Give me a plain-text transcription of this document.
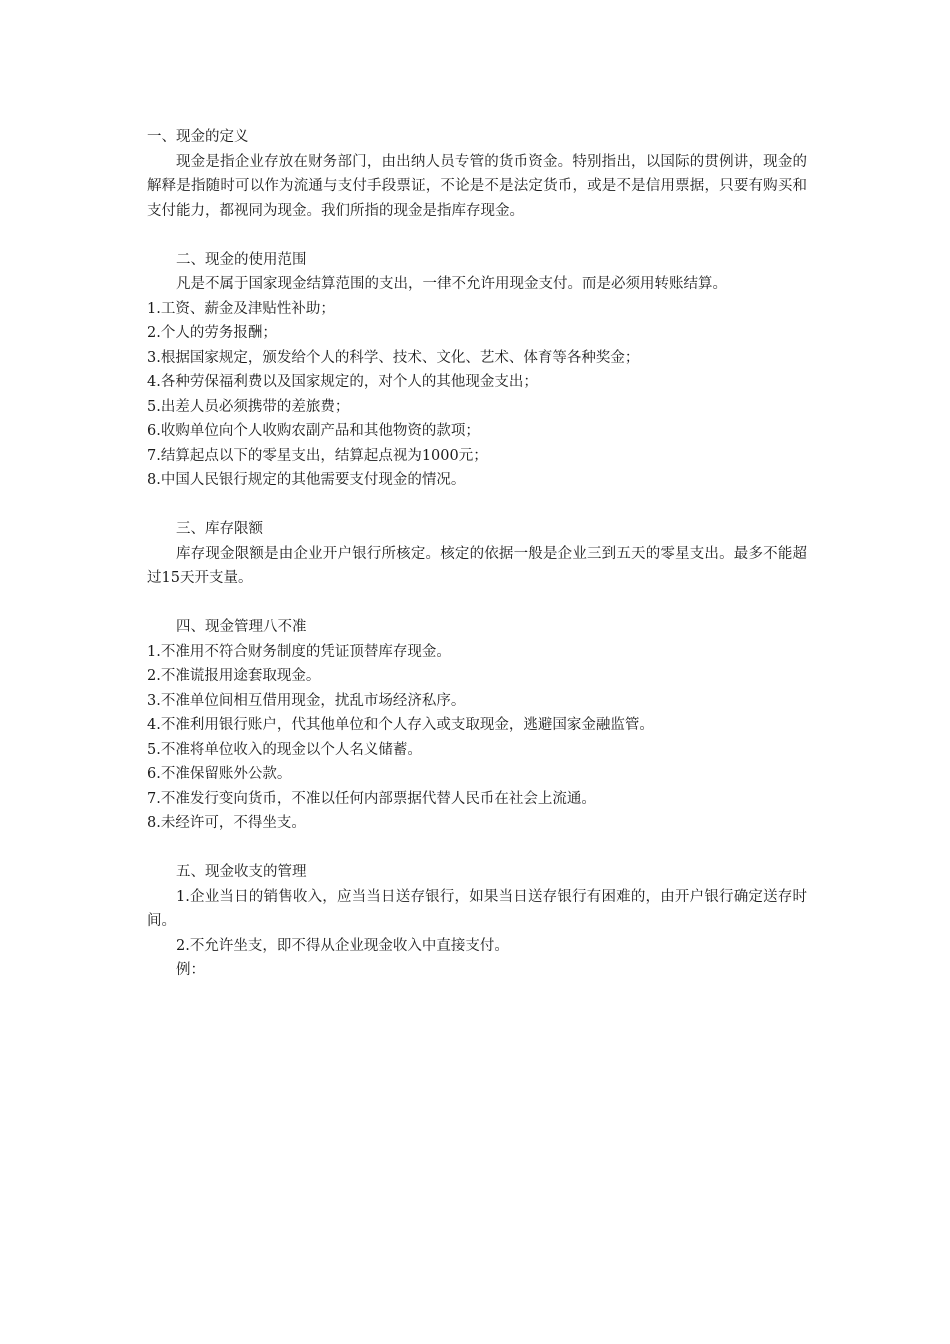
一、现金的定义
现金是指企业存放在财务部门，由出纳人员专管的货币资金。特别指出，以国际的贯例讲，现金的解释是指随时可以作为流通与支付手段票证，不论是不是法定货币，或是不是信用票据，只要有购买和支付能力，都视同为现金。我们所指的现金是指库存现金。
二、现金的使用范围
凡是不属于国家现金结算范围的支出，一律不允许用现金支付。而是必须用转账结算。
1.工资、薪金及津贴性补助；
2.个人的劳务报酬；
3.根据国家规定，颁发给个人的科学、技术、文化、艺术、体育等各种奖金；
4.各种劳保福利费以及国家规定的，对个人的其他现金支出；
5.出差人员必须携带的差旅费；
6.收购单位向个人收购农副产品和其他物资的款项；
7.结算起点以下的零星支出，结算起点视为1000元；
8.中国人民银行规定的其他需要支付现金的情况。
三、库存限额
库存现金限额是由企业开户银行所核定。核定的依据一般是企业三到五天的零星支出。最多不能超过15天开支量。
四、现金管理八不准
1.不准用不符合财务制度的凭证顶替库存现金。
2.不准谎报用途套取现金。
3.不准单位间相互借用现金，扰乱市场经济私序。
4.不准利用银行账户，代其他单位和个人存入或支取现金，逃避国家金融监管。
5.不准将单位收入的现金以个人名义储蓄。
6.不准保留账外公款。
7.不准发行变向货币，不准以任何内部票据代替人民币在社会上流通。
8.未经许可，不得坐支。
五、现金收支的管理
1.企业当日的销售收入，应当当日送存银行，如果当日送存银行有困难的，由开户银行确定送存时间。
2.不允许坐支，即不得从企业现金收入中直接支付。
例：
